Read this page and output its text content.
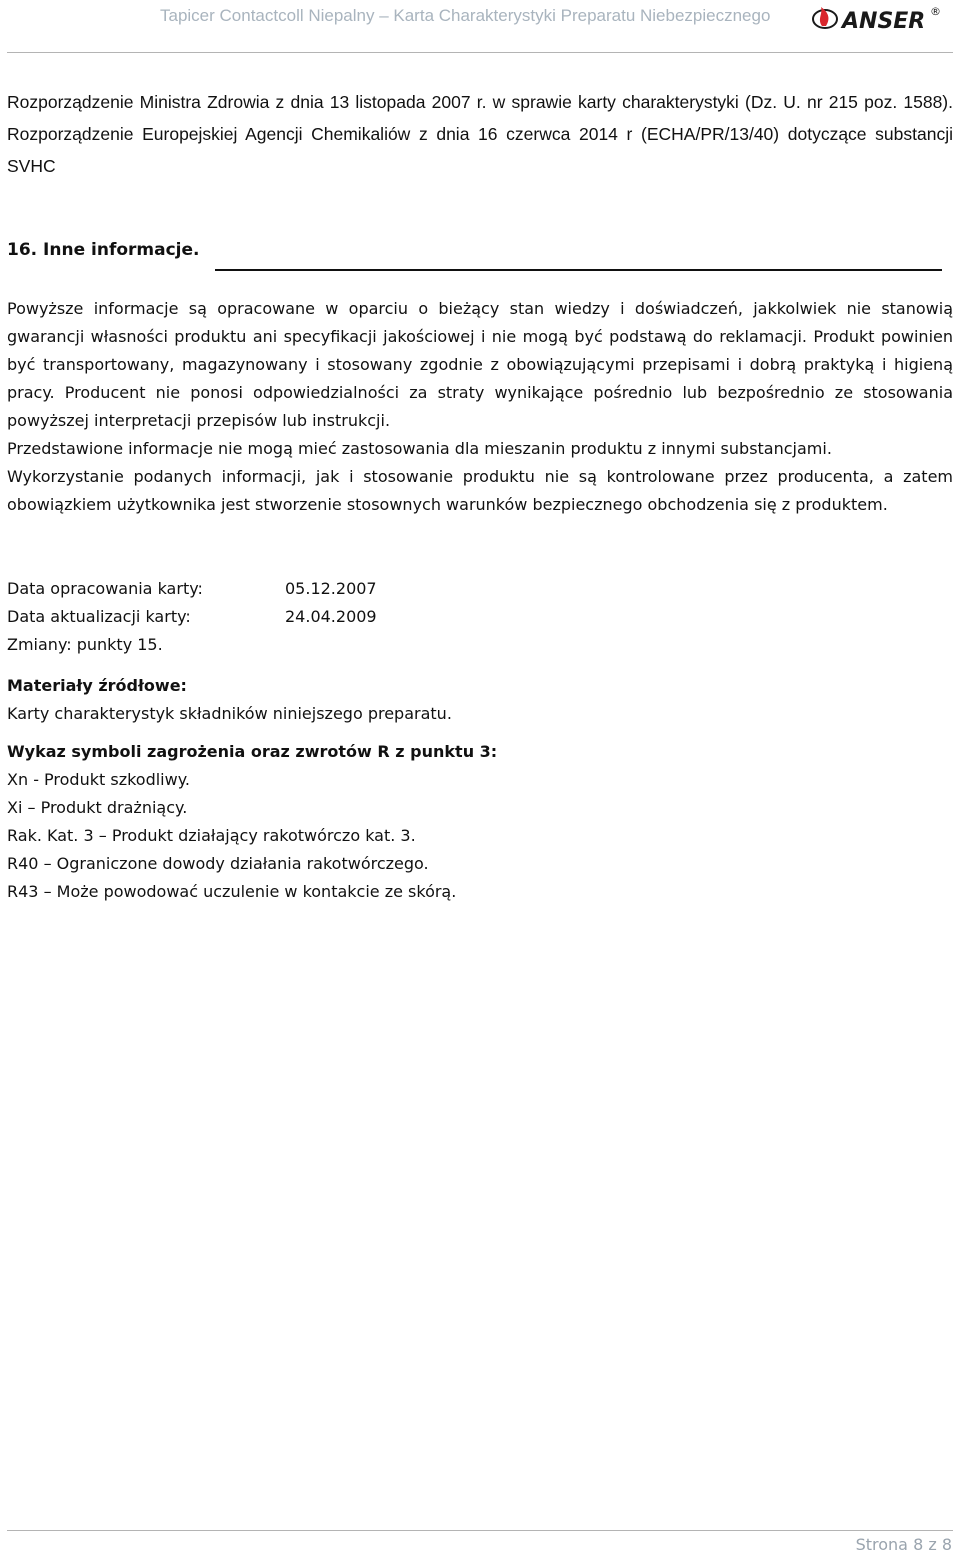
Tapicer Contactcoll Niepalny – Karta Charakterystyki Preparatu Niebezpiecznego	ANSER ®
Rozporządzenie Ministra Zdrowia z dnia 13 listopada 2007 r. w sprawie karty charakterystyki (Dz. U. nr 215 poz. 1588). Rozporządzenie Europejskiej Agencji Chemikaliów z dnia 16 czerwca 2014 r (ECHA/PR/13/40) dotyczące substancji SVHC
16. Inne informacje.

Powyższe informacje są opracowane w oparciu o bieżący stan wiedzy i doświadczeń, jakkolwiek nie stanowią gwarancji własności produktu ani specyfikacji jakościowej i nie mogą być podstawą do reklamacji. Produkt powinien być transportowany, magazynowany i stosowany zgodnie z obowiązującymi przepisami i dobrą praktyką i higieną pracy. Producent nie ponosi odpowiedzialności za straty wynikające pośrednio lub bezpośrednio ze stosowania powyższej interpretacji przepisów lub instrukcji.

Przedstawione informacje nie mogą mieć zastosowania dla mieszanin produktu z innymi substancjami.

Wykorzystanie podanych informacji, jak i stosowanie produktu nie są kontrolowane przez producenta, a zatem obowiązkiem użytkownika jest stworzenie stosownych warunków bezpiecznego obchodzenia się z produktem.

Data opracowania karty:	05.12.2007
Data aktualizacji karty:	24.04.2009
Zmiany: punkty 15.
Materiały źródłowe:
Karty charakterystyk składników niniejszego preparatu.
Wykaz symboli zagrożenia oraz zwrotów R z punktu 3:
Xn - Produkt szkodliwy.
Xi – Produkt drażniący.
Rak. Kat. 3 – Produkt działający rakotwórczo kat. 3.
R40 – Ograniczone dowody działania rakotwórczego.
R43 – Może powodować uczulenie w kontakcie ze skórą.
Strona 8 z 8
